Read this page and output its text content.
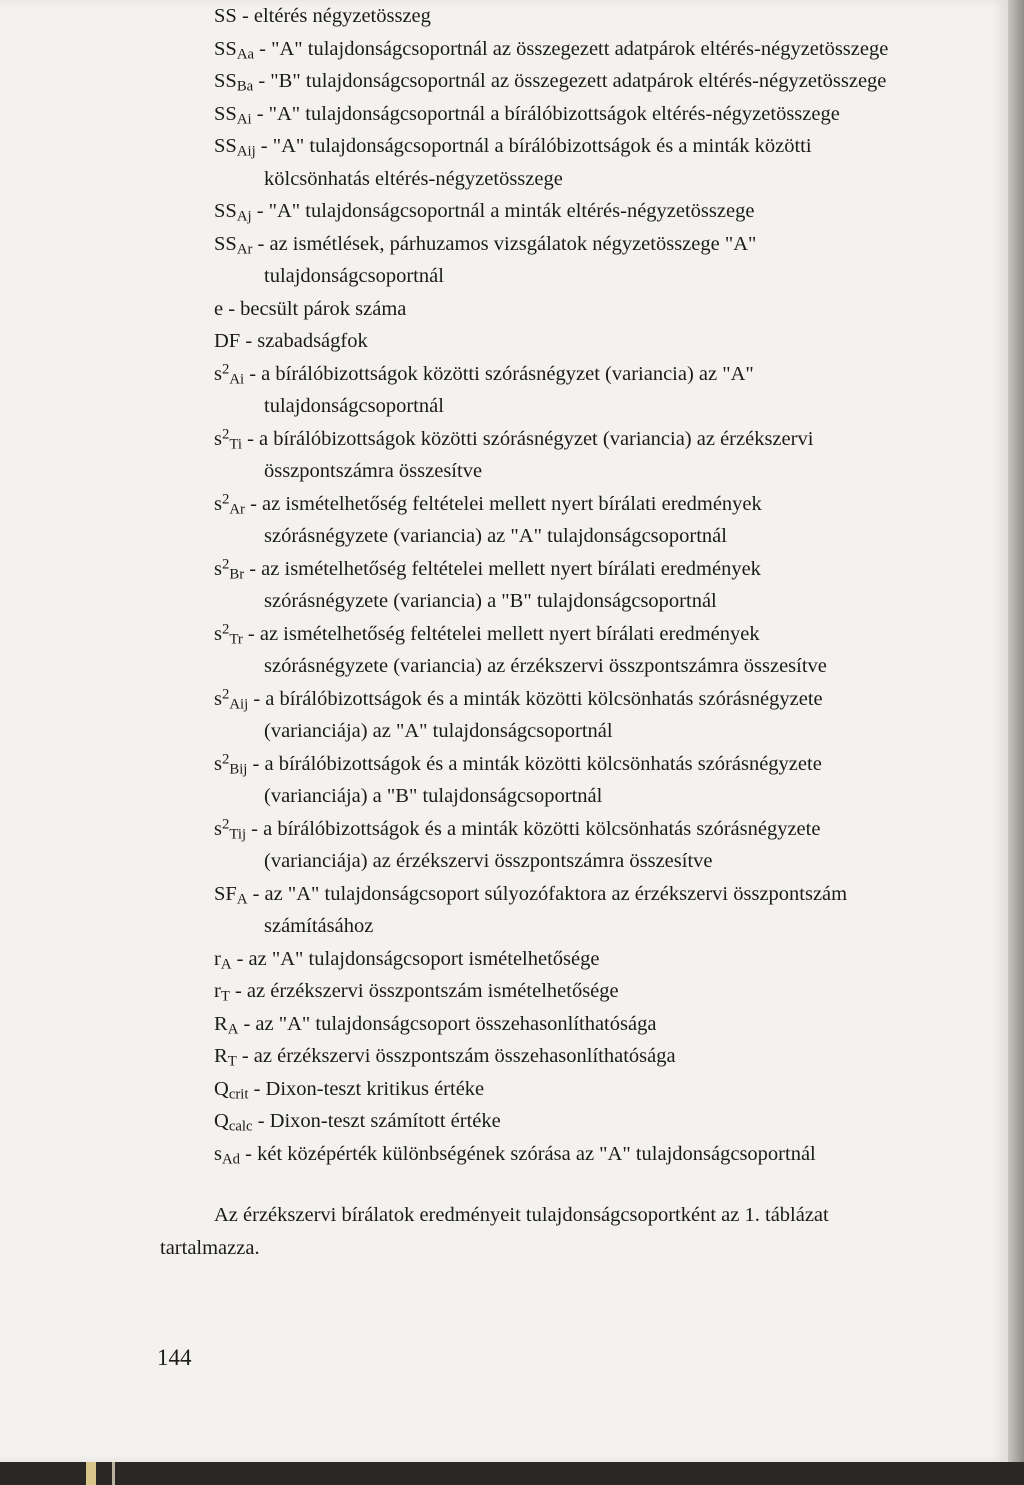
SS - eltérés négyzetösszeg
$SS_{Aa}$ - "A" tulajdonságcsoportnál az összegezett adatpárok eltérés-négyzetösszege
$SS_{Ba}$ - "B" tulajdonságcsoportnál az összegezett adatpárok eltérés-négyzetösszege
$SS_{Ai}$ - "A" tulajdonságcsoportnál a bírálóbizottságok eltérés-négyzetösszege
$SS_{Aij}$ - "A" tulajdonságcsoportnál a bírálóbizottságok és a minták közötti
kölcsönhatás eltérés-négyzetösszege
$SS_{Aj}$ - "A" tulajdonságcsoportnál a minták eltérés-négyzetösszege
$SS_{Ar}$ - az ismétlések, párhuzamos vizsgálatok négyzetösszege "A"
tulajdonságcsoportnál
e - becsült párok száma
DF - szabadságfok
$s^2_{Ai}$ - a bírálóbizottságok közötti szórásnégyzet (variancia) az "A"
tulajdonságcsoportnál
$s^2_{Ti}$ - a bírálóbizottságok közötti szórásnégyzet (variancia) az érzékszervi
összpontszámra összesítve
$s^2_{Ar}$ - az ismételhetőség feltételei mellett nyert bírálati eredmények
szórásnégyzete (variancia) az "A" tulajdonságcsoportnál
$s^2_{Br}$ - az ismételhetőség feltételei mellett nyert bírálati eredmények
szórásnégyzete (variancia) a "B" tulajdonságcsoportnál
$s^2_{Tr}$ - az ismételhetőség feltételei mellett nyert bírálati eredmények
szórásnégyzete (variancia) az érzékszervi összpontszámra összesítve
$s^2_{Aij}$ - a bírálóbizottságok és a minták közötti kölcsönhatás szórásnégyzete
(varianciája) az "A" tulajdonságcsoportnál
$s^2_{Bij}$ - a bírálóbizottságok és a minták közötti kölcsönhatás szórásnégyzete
(varianciája) a "B" tulajdonságcsoportnál
$s^2_{Tij}$ - a bírálóbizottságok és a minták közötti kölcsönhatás szórásnégyzete
(varianciája) az érzékszervi összpontszámra összesítve
$SF_A$ - az "A" tulajdonságcsoport súlyozófaktora az érzékszervi összpontszám
számításához
$r_A$ - az "A" tulajdonságcsoport ismételhetősége
$r_T$ - az érzékszervi összpontszám ismételhetősége
$R_A$ - az "A" tulajdonságcsoport összehasonlíthatósága
$R_T$ - az érzékszervi összpontszám összehasonlíthatósága
$Q_{crit}$ - Dixon-teszt kritikus értéke
$Q_{calc}$ - Dixon-teszt számított értéke
$s_{Ad}$ - két középérték különbségének szórása az "A" tulajdonságcsoportnál
Az érzékszervi bírálatok eredményeit tulajdonságcsoportként az 1. táblázat
tartalmazza.
144
